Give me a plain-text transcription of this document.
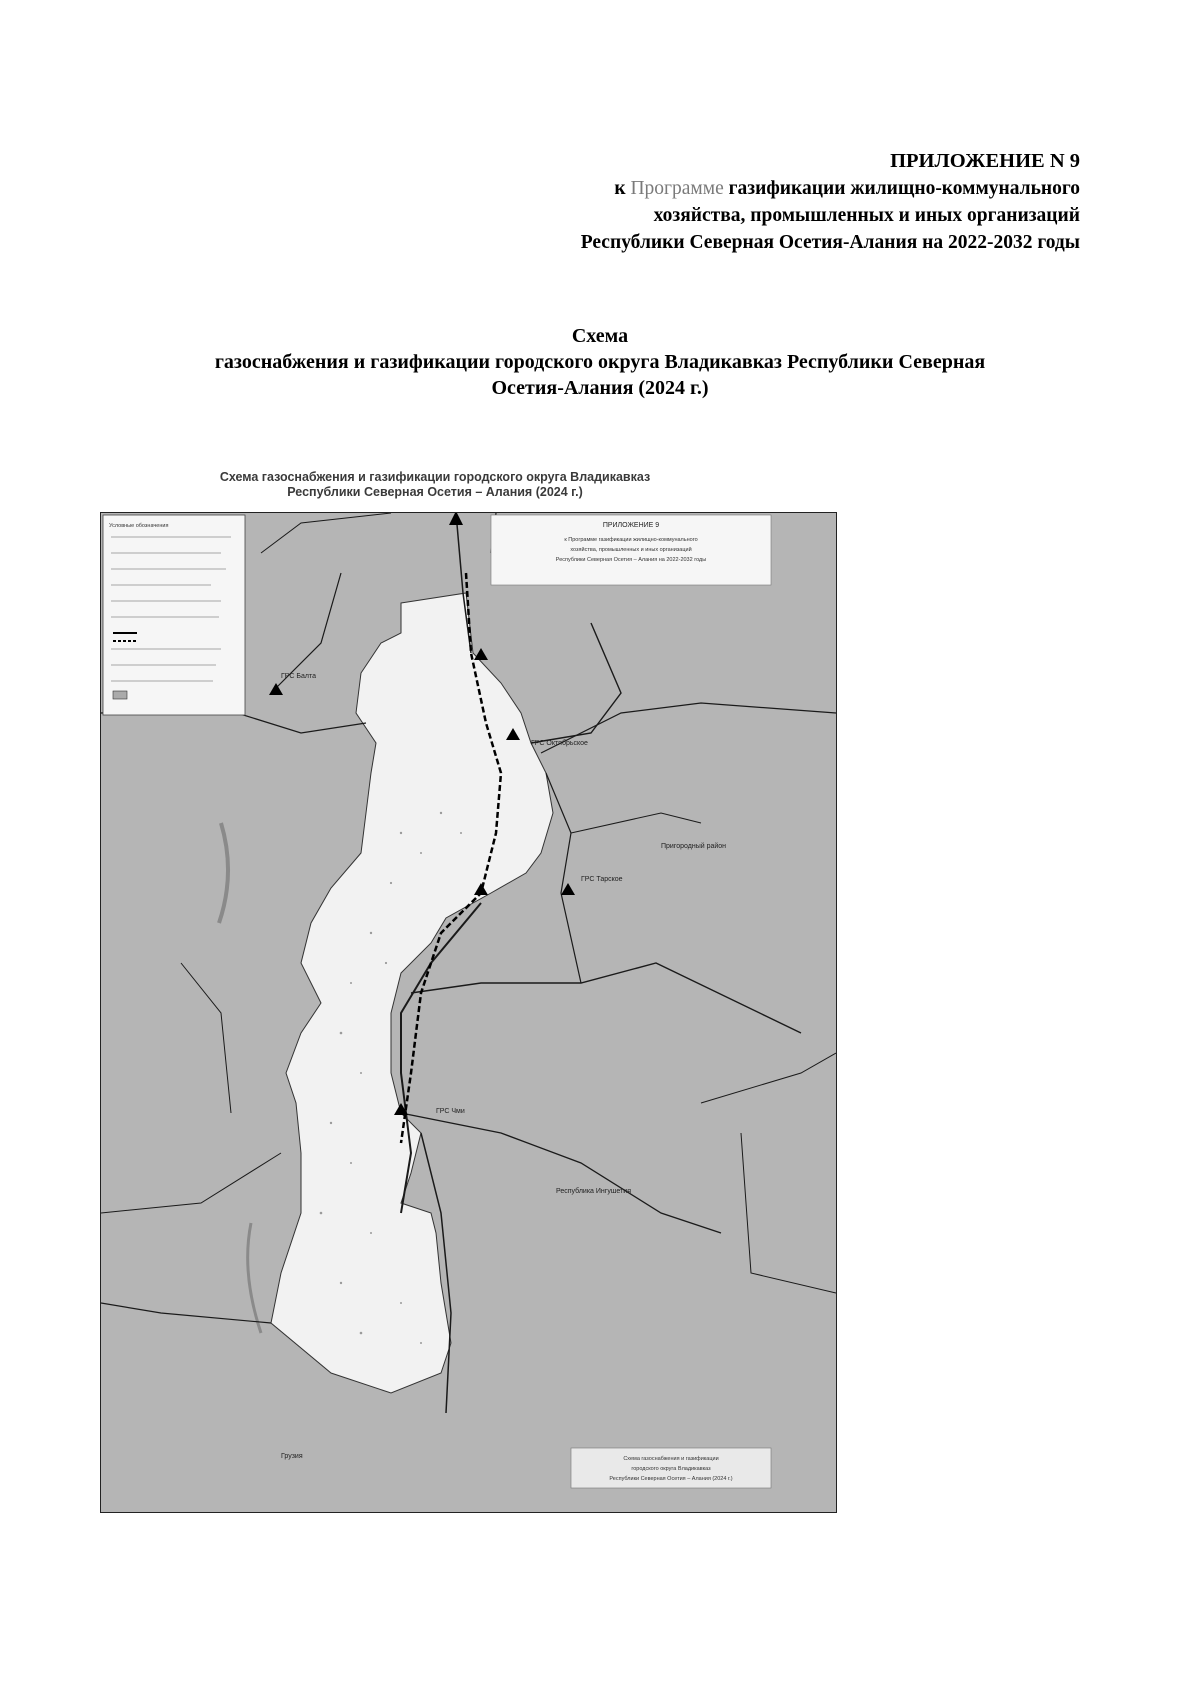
ПРИЛОЖЕНИЕ N 9
к Программе газификации жилищно-коммунального
хозяйства, промышленных и иных организаций
Республики Северная Осетия-Алания на 2022-2032 годы
Схема
газоснабжения и газификации городского округа Владикавказ Республики Северная
Осетия-Алания (2024 г.)
Схема газоснабжения и газификации городского округа Владикавказ
Республики Северная Осетия – Алания (2024 г.)
Условные обозначения	ПРИЛОЖЕНИЕ 9
к Программе газификации жилищно-коммунального
хозяйства, промышленных и иных организаций
Республики Северная Осетия – Алания на 2022-2032 годы
Пригородный район
Республика Ингушетия
Грузия
ГРС Тарское
ГРС Балта
ГРС Чми
ГРС Октябрьское
Схема газоснабжения и газификации
городского округа Владикавказ
Республики Северная Осетия – Алания (2024 г.)
